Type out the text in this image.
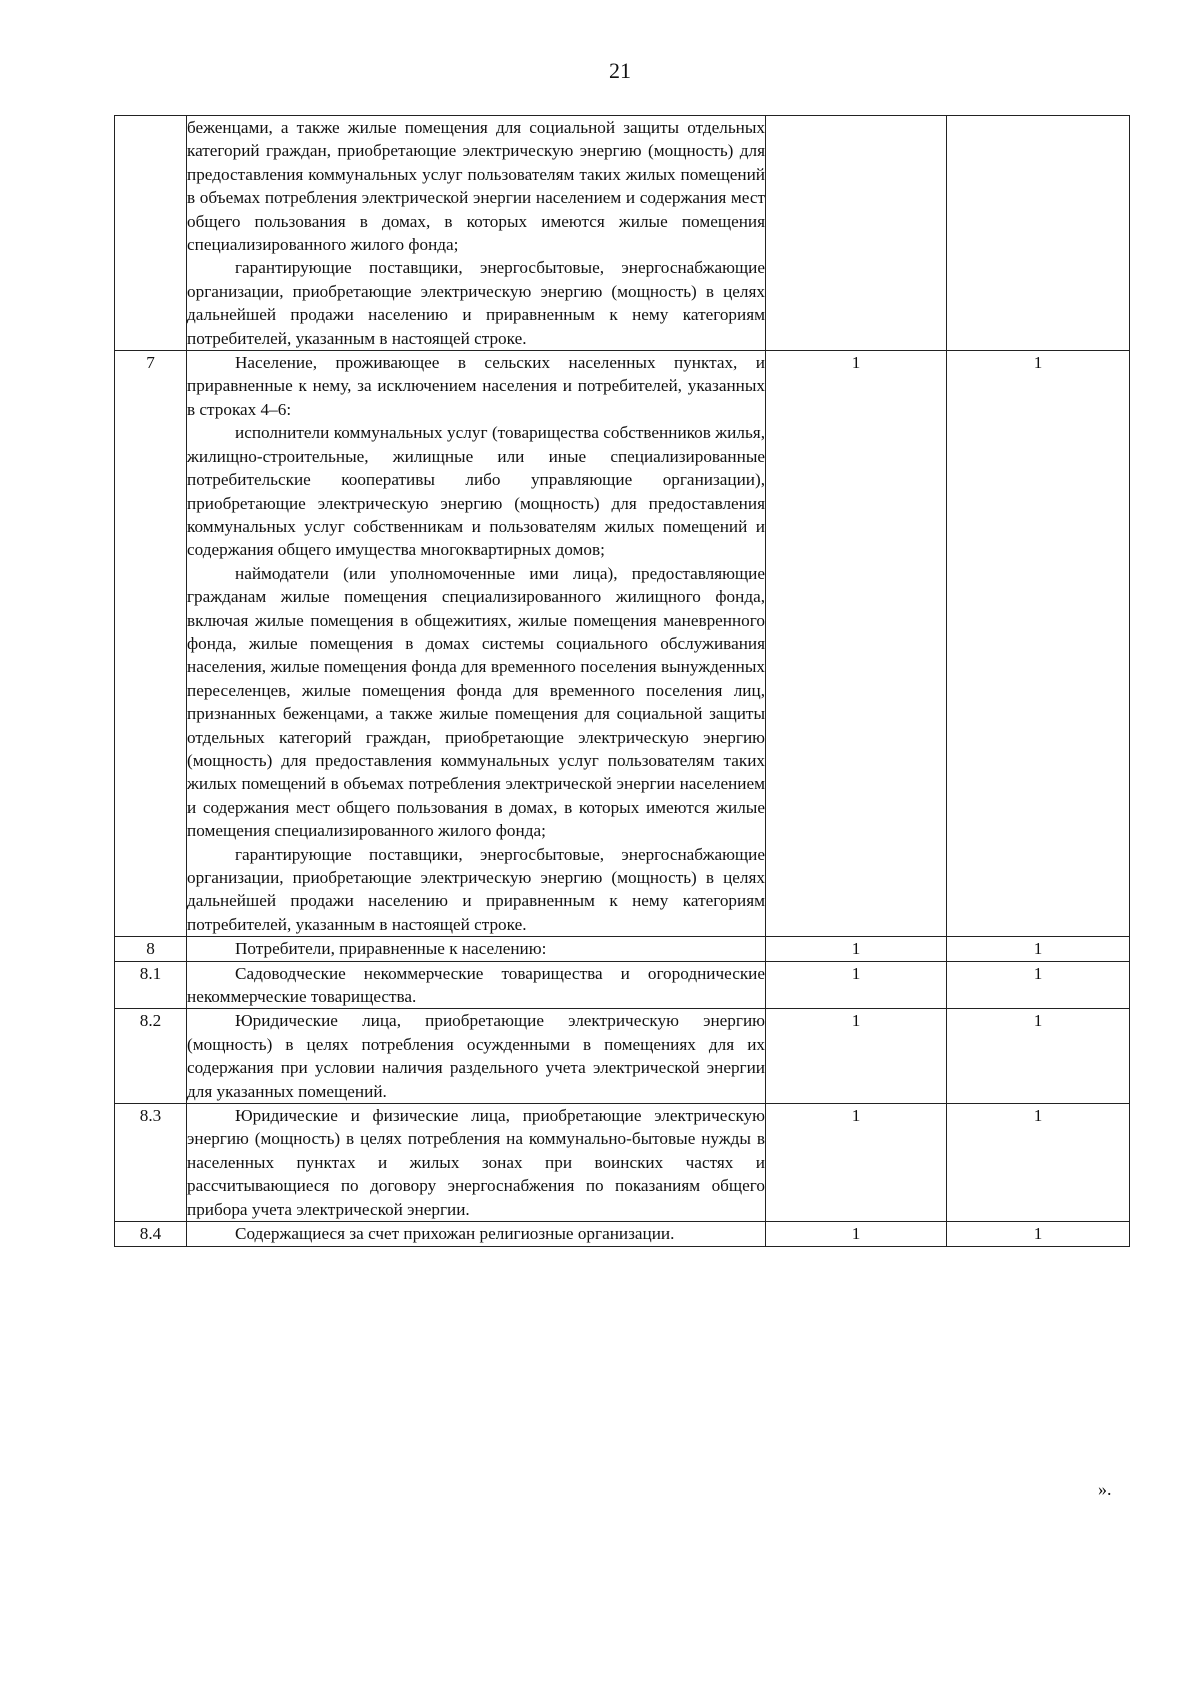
21

	беженцами, а также жилые помещения для социальной защиты отдельных категорий граждан, приобретающие электрическую энергию (мощность) для предоставления коммунальных услуг пользователям таких жилых помещений в объемах потребления электрической энергии населением и содержания мест общего пользования в домах, в которых имеются жилые помещения специализированного жилого фонда;

гарантирующие поставщики, энергосбытовые, энергоснабжающие организации, приобретающие электрическую энергию (мощность) в целях дальнейшей продажи населению и приравненным к нему категориям потребителей, указанным в настоящей строке.		

7	Население, проживающее в сельских населенных пунктах, и приравненные к нему, за исключением населения и потребителей, указанных в строках 4–6:

исполнители коммунальных услуг (товарищества собственников жилья, жилищно-строительные, жилищные или иные специализированные потребительские кооперативы либо управляющие организации), приобретающие электрическую энергию (мощность) для предоставления коммунальных услуг собственникам и пользователям жилых помещений и содержания общего имущества многоквартирных домов;

наймодатели (или уполномоченные ими лица), предоставляющие гражданам жилые помещения специализированного жилищного фонда, включая жилые помещения в общежитиях, жилые помещения маневренного фонда, жилые помещения в домах системы социального обслуживания населения, жилые помещения фонда для временного поселения вынужденных переселенцев, жилые помещения фонда для временного поселения лиц, признанных беженцами, а также жилые помещения для социальной защиты отдельных категорий граждан, приобретающие электрическую энергию (мощность) для предоставления коммунальных услуг пользователям таких жилых помещений в объемах потребления электрической энергии населением и содержания мест общего пользования в домах, в которых имеются жилые помещения специализированного жилого фонда;

гарантирующие поставщики, энергосбытовые, энергоснабжающие организации, приобретающие электрическую энергию (мощность) в целях дальнейшей продажи населению и приравненным к нему категориям потребителей, указанным в настоящей строке.	1	1
8	Потребители, приравненные к населению:	1	1
8.1	Садоводческие некоммерческие товарищества и огороднические некоммерческие товарищества.	1	1
8.2	Юридические лица, приобретающие электрическую энергию (мощность) в целях потребления осужденными в помещениях для их содержания при условии наличия раздельного учета электрической энергии для указанных помещений.	1	1
8.3	Юридические и физические лица, приобретающие электрическую энергию (мощность) в целях потребления на коммунально-бытовые нужды в населенных пунктах и жилых зонах при воинских частях и рассчитывающиеся по договору энергоснабжения по показаниям общего прибора учета электрической энергии.	1	1
8.4	Содержащиеся за счет прихожан религиозные организации.	1	1
».
